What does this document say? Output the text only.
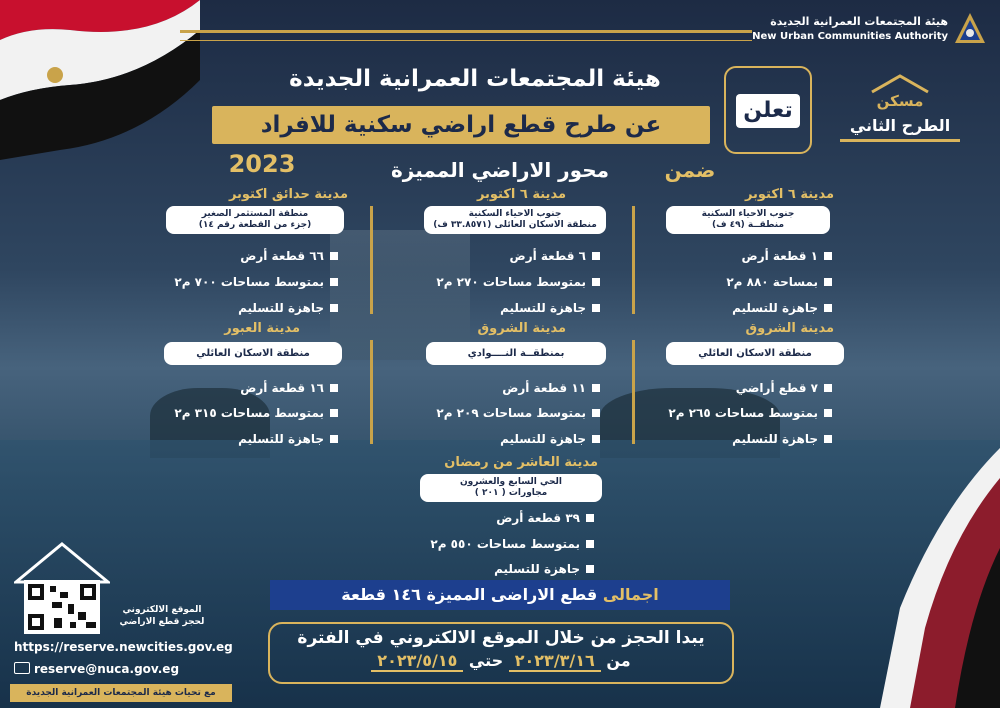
هيئة المجتمعات العمرانية الجديدة
New Urban Communities Authority
هيئة المجتمعات العمرانية الجديدة
عن طرح قطع اراضي سكنية للافراد
تعلن	مسكن
الطرح الثاني
2023	محور الاراضي المميزة	ضمن
مدينة ٦ اكتوبر
جنوب الاحياء السكنية
منطقــة (٤٩ ف)
١ قطعة أرض
بمساحة ٨٨٠ م٢
جاهزة للتسليم
مدينة ٦ اكتوبر
جنوب الاحياء السكنية
منطقة الاسكان العائلى (٣٣.٨٥٧١ ف)
٦ قطعة أرض
بمتوسط مساحات ٢٧٠ م٢
جاهزة للتسليم
مدينة حدائق اكتوبر
منطقة المستثمر الصغير
(جزء من القطعة رقم ١٤)
٦٦ قطعة أرض
بمتوسط مساحات ٧٠٠ م٢
جاهزة للتسليم
مدينة الشروق
منطقة الاسكان العائلي
٧ قطع أراضي
بمتوسط مساحات ٢٦٥ م٢
جاهزة للتسليم
مدينة الشروق
بمنطقــة النــــوادي
١١ قطعة أرض
بمتوسط مساحات ٢٠٩ م٢
جاهزة للتسليم
مدينة العبور
منطقة الاسكان العائلي
١٦ قطعة أرض
بمتوسط مساحات ٣١٥ م٢
جاهزة للتسليم
مدينة العاشر من رمضان
الحي السابع والعشرون
مجاورات ( ٢٠١ )
٣٩ قطعة أرض
بمتوسط مساحات ٥٥٠ م٢
جاهزة للتسليم
اجمالى قطع الاراضى المميزة ١٤٦ قطعة
يبدا الحجز من خلال الموقع الالكتروني في الفترة
من ٢٠٢٣/٣/١٦ حتي ٢٠٢٣/٥/١٥
الموقع الالكتروني
لحجز قطع الاراضي
https://reserve.newcities.gov.eg
reserve@nuca.gov.eg
مع تحيات هيئة المجتمعات العمرانية الجديدة
